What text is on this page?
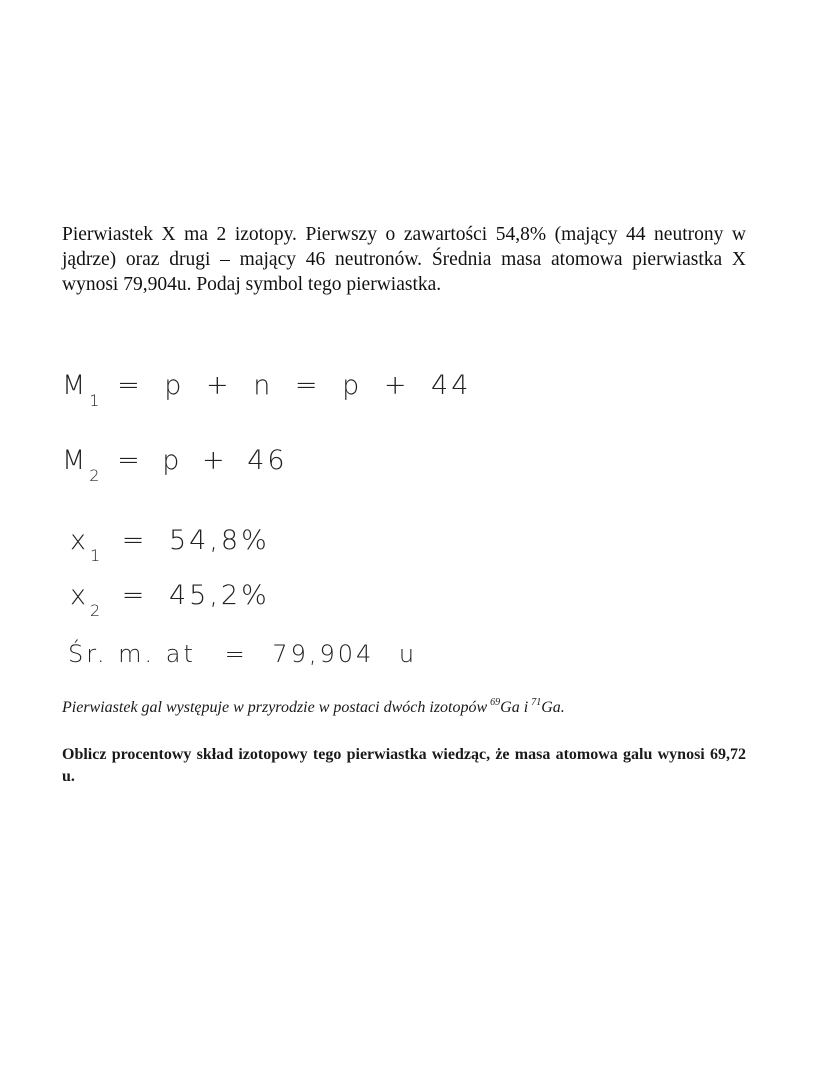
Pierwiastek X ma 2 izotopy. Pierwszy o zawartości 54,8% (mający 44 neutrony w jądrze) oraz drugi – mający 46 neutronów. Średnia masa atomowa pierwiastka X wynosi 79,904u. Podaj symbol tego pierwiastka.

$M_1 = p + n = p + 44$
$M_2 = p + 46$
$x_1 = 54,8\%$
$x_2 = 45,2\%$
Śr. m. at = 79,904 u

Pierwiastek gal występuje w przyrodzie w postaci dwóch izotopów $^{69}$Ga i $^{71}$Ga.

Oblicz procentowy skład izotopowy tego pierwiastka wiedząc, że masa atomowa galu wynosi 69,72 u.
